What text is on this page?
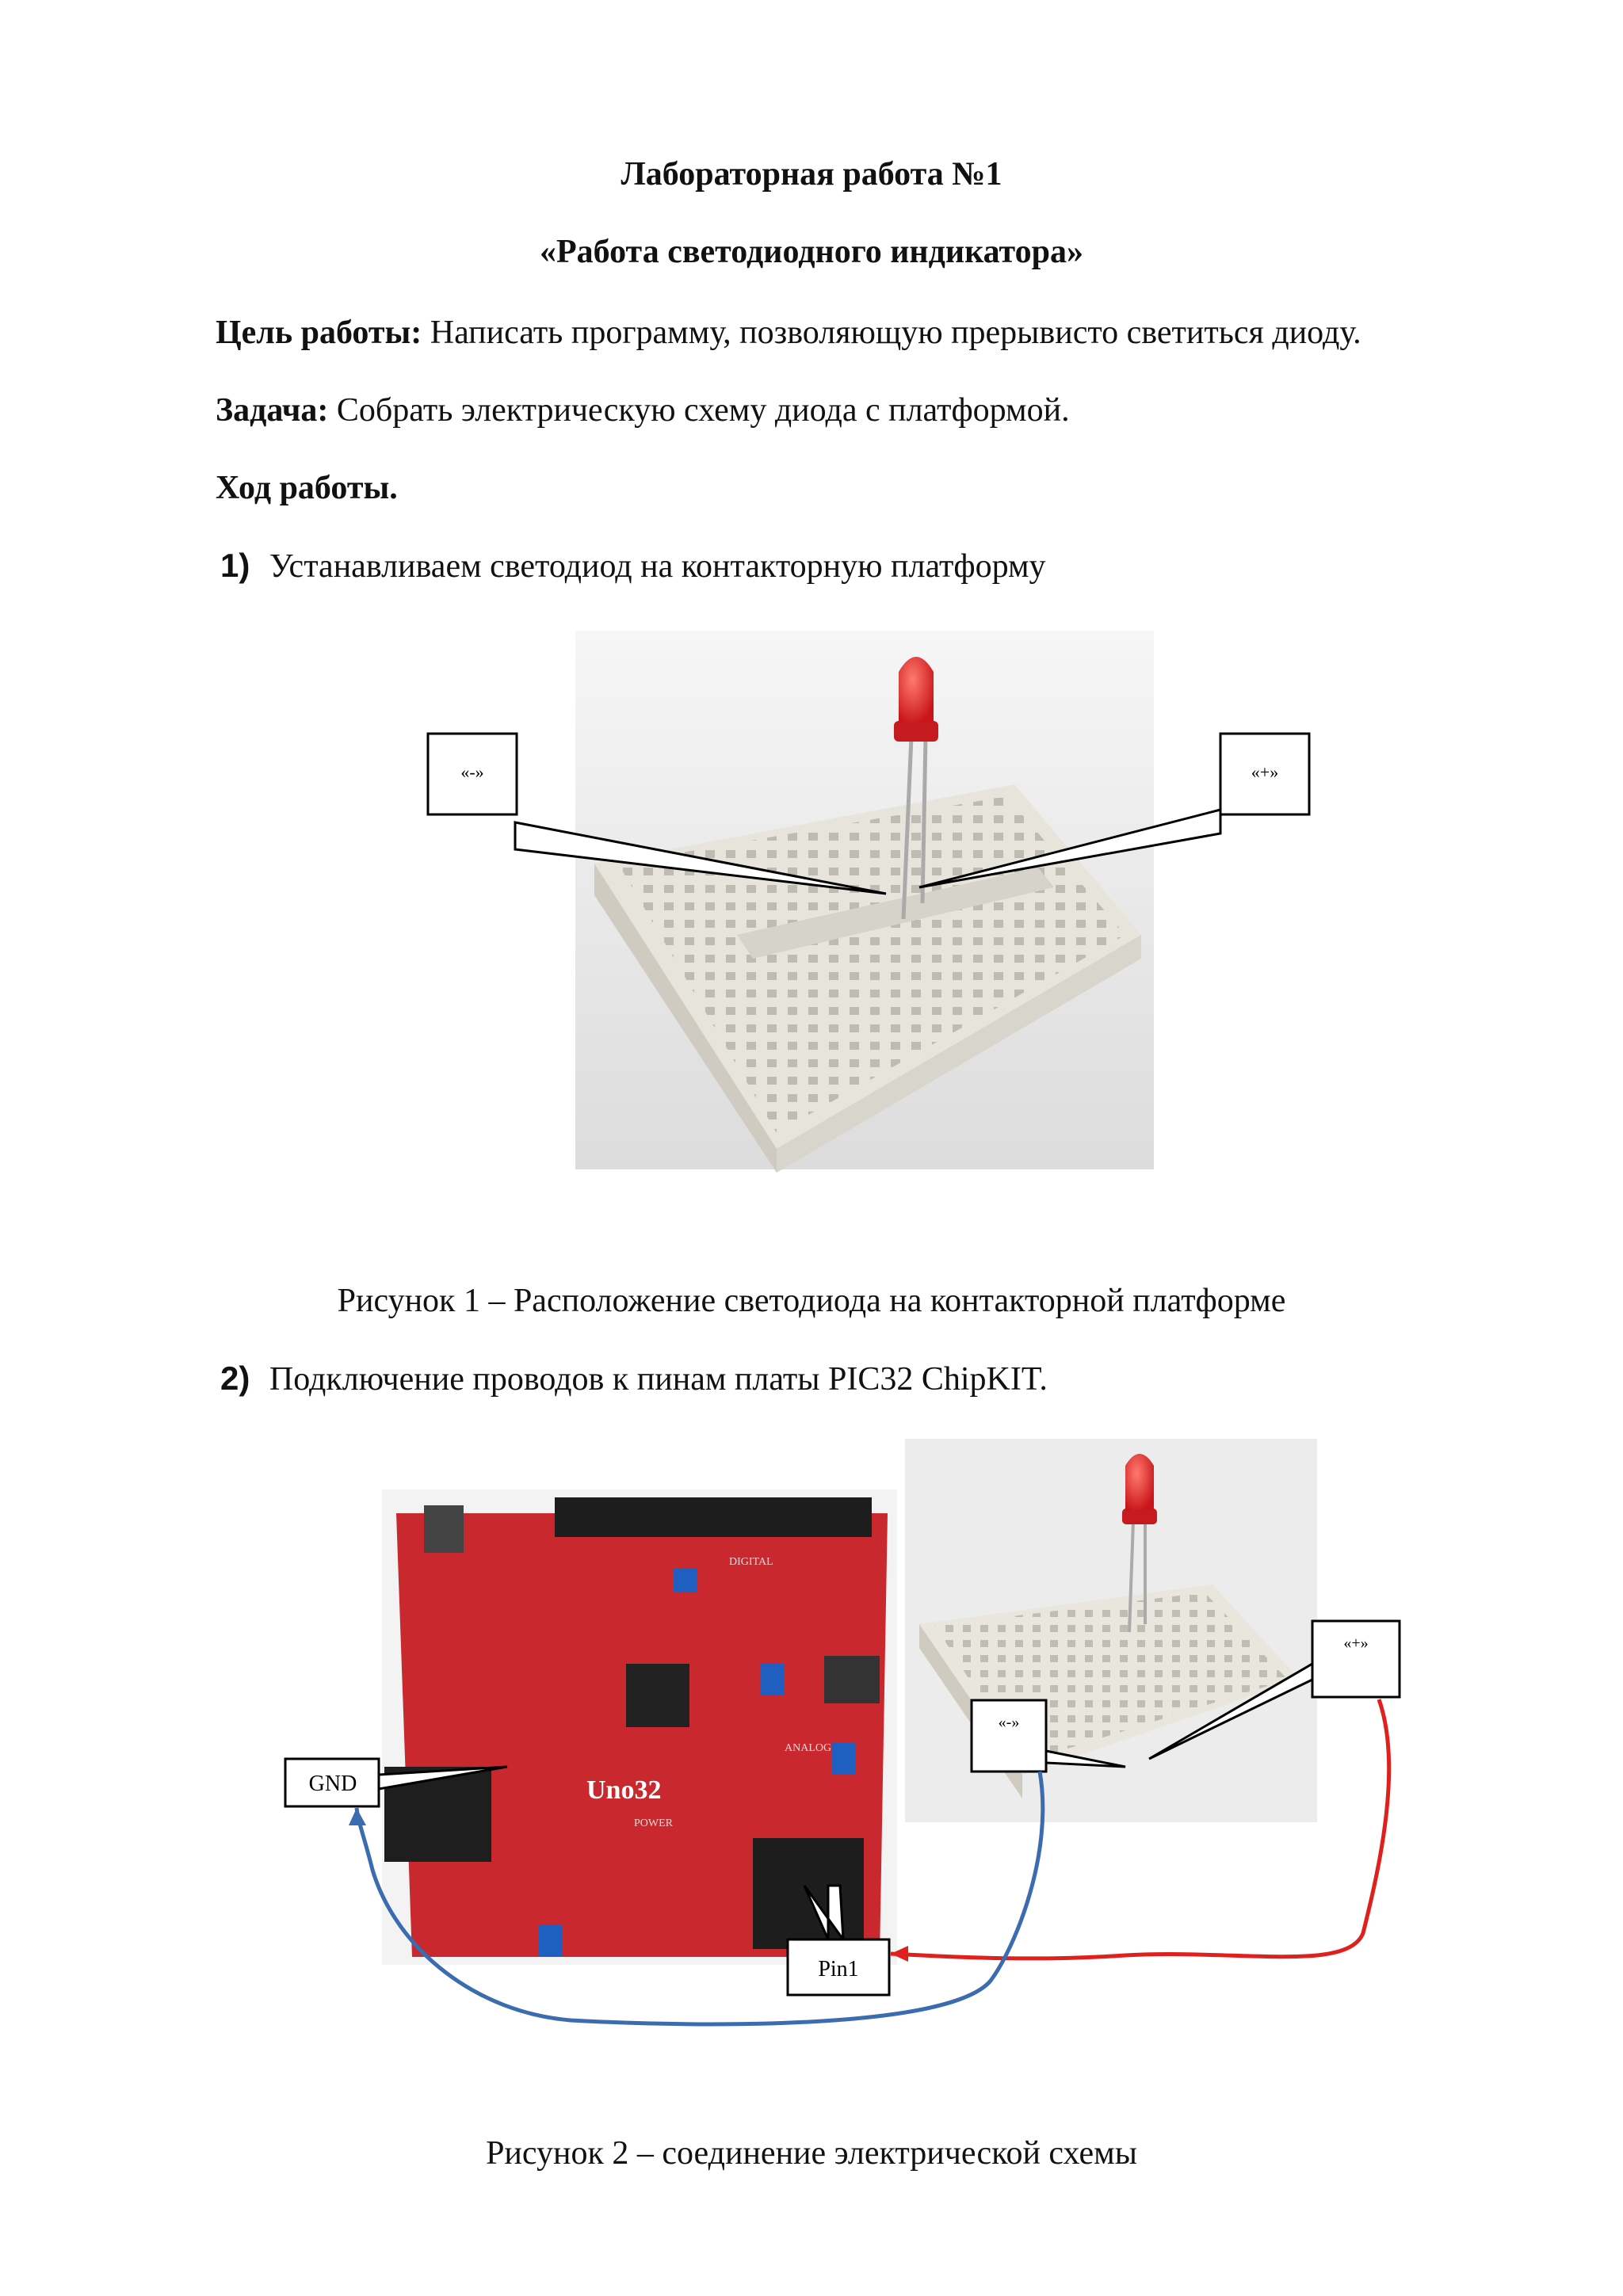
Лабораторная работа №1
«Работа светодиодного индикатора»
Цель работы: Написать программу, позволяющую прерывисто светиться диоду.
Задача: Собрать электрическую схему диода с платформой.
Ход работы.
1) Устанавливаем светодиод на контакторную платформу
«-»	«+»
Рисунок 1 – Расположение светодиода на контакторной платформе
2) Подключение проводов к пинам платы PIC32 ChipKIT.
Uno32
DIGITAL
ANALOG
POWER
«-»
«+»
GND
Pin1
Рисунок 2 – соединение электрической схемы
